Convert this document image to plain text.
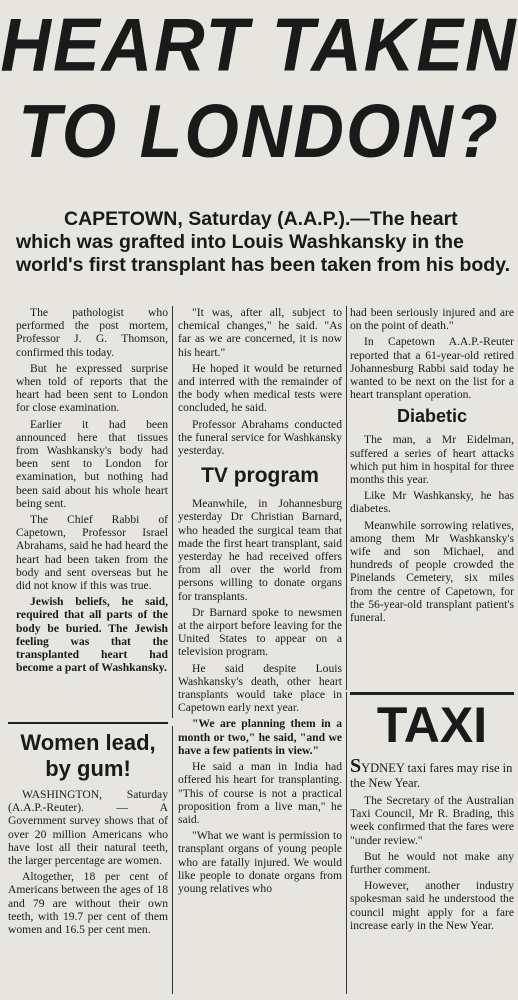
HEART TAKEN
TO LONDON?
CAPETOWN, Saturday (A.A.P.).—The heart which was grafted into Louis Washkansky in the world's first transplant has been taken from his body.

The pathologist who performed the post mortem, Professor J. G. Thomson, confirmed this today.

But he expressed surprise when told of reports that the heart had been sent to London for close examination.

Earlier it had been announced here that tissues from Washkansky's body had been sent to London for examination, but nothing had been said about his whole heart being sent.

The Chief Rabbi of Capetown, Professor Israel Abrahams, said he had heard the heart had been taken from the body and sent overseas but he did not know if this was true.

Jewish beliefs, he said, required that all parts of the body be buried. The Jewish feeling was that the transplanted heart had become a part of Washkansky.

"It was, after all, subject to chemical changes," he said. "As far as we are concerned, it is now his heart."

He hoped it would be returned and interred with the remainder of the body when medical tests were concluded, he said.

Professor Abrahams conducted the funeral service for Washkansky yesterday.

TV program

Meanwhile, in Johannesburg yesterday Dr Christian Barnard, who headed the surgical team that made the first heart transplant, said yesterday he had received offers from all over the world from persons willing to donate organs for transplants.

Dr Barnard spoke to newsmen at the airport before leaving for the United States to appear on a television program.

He said despite Louis Washkansky's death, other heart transplants would take place in Capetown early next year.

"We are planning them in a month or two," he said, "and we have a few patients in view."

He said a man in India had offered his heart for transplanting. "This of course is not a practical proposition from a live man," he said.

"What we want is permission to transplant organs of young people who are fatally injured. We would like people to donate organs from young relatives who

had been seriously injured and are on the point of death."

In Capetown A.A.P.-Reuter reported that a 61-year-old retired Johannesburg Rabbi said today he wanted to be next on the list for a heart transplant operation.

Diabetic

The man, a Mr Eidelman, suffered a series of heart attacks which put him in hospital for three months this year.

Like Mr Washkansky, he has diabetes.

Meanwhile sorrowing relatives, among them Mr Washkansky's wife and son Michael, and hundreds of people crowded the Pinelands Cemetery, six miles from the centre of Capetown, for the 56-year-old transplant patient's funeral.

Women lead,
by gum!

WASHINGTON, Saturday (A.A.P.-Reuter). — A Government survey shows that of over 20 million Americans who have lost all their natural teeth, the larger percentage are women.

Altogether, 18 per cent of Americans between the ages of 18 and 79 are without their own teeth, with 19.7 per cent of them women and 16.5 per cent men.

TAXI
SYDNEY taxi fares may rise in the New Year.

The Secretary of the Australian Taxi Council, Mr R. Brading, this week confirmed that the fares were "under review."

But he would not make any further comment.

However, another industry spokesman said he understood the council might apply for a fare increase early in the New Year.
